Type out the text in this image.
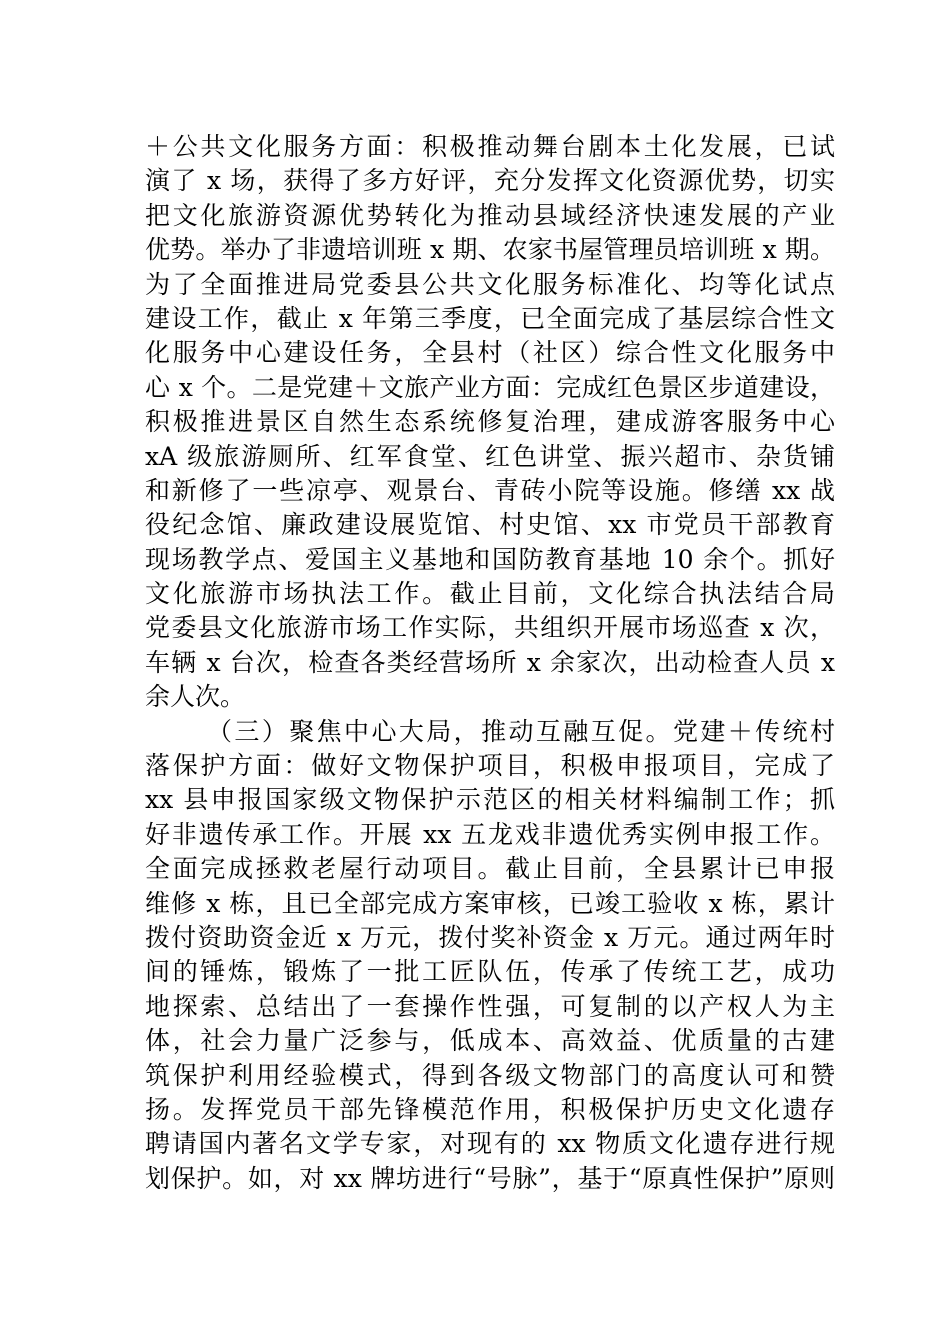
＋公共文化服务方面：积极推动舞台剧本土化发展，已试
演了 x 场，获得了多方好评，充分发挥文化资源优势，切实
把文化旅游资源优势转化为推动县域经济快速发展的产业
优势。举办了非遗培训班 x 期、农家书屋管理员培训班 x 期。
为了全面推进局党委县公共文化服务标准化、均等化试点
建设工作，截止 x 年第三季度，已全面完成了基层综合性文
化服务中心建设任务，全县村（社区）综合性文化服务中
心 x 个。二是党建＋文旅产业方面：完成红色景区步道建设，
积极推进景区自然生态系统修复治理，建成游客服务中心
xA 级旅游厕所、红军食堂、红色讲堂、振兴超市、杂货铺
和新修了一些凉亭、观景台、青砖小院等设施。修缮 xx 战
役纪念馆、廉政建设展览馆、村史馆、xx 市党员干部教育
现场教学点、爱国主义基地和国防教育基地 10 余个。抓好
文化旅游市场执法工作。截止目前，文化综合执法结合局
党委县文化旅游市场工作实际，共组织开展市场巡查 x 次，
车辆 x 台次，检查各类经营场所 x 余家次，出动检查人员 x
余人次。
（三）聚焦中心大局，推动互融互促。党建＋传统村
落保护方面：做好文物保护项目，积极申报项目，完成了
xx 县申报国家级文物保护示范区的相关材料编制工作；抓
好非遗传承工作。开展 xx 五龙戏非遗优秀实例申报工作。
全面完成拯救老屋行动项目。截止目前，全县累计已申报
维修 x 栋，且已全部完成方案审核，已竣工验收 x 栋，累计
拨付资助资金近 x 万元，拨付奖补资金 x 万元。通过两年时
间的锤炼，锻炼了一批工匠队伍，传承了传统工艺，成功
地探索、总结出了一套操作性强，可复制的以产权人为主
体，社会力量广泛参与，低成本、高效益、优质量的古建
筑保护利用经验模式，得到各级文物部门的高度认可和赞
扬。发挥党员干部先锋模范作用，积极保护历史文化遗存
聘请国内著名文学专家，对现有的 xx 物质文化遗存进行规
划保护。如，对 xx 牌坊进行“号脉”，基于“原真性保护”原则
